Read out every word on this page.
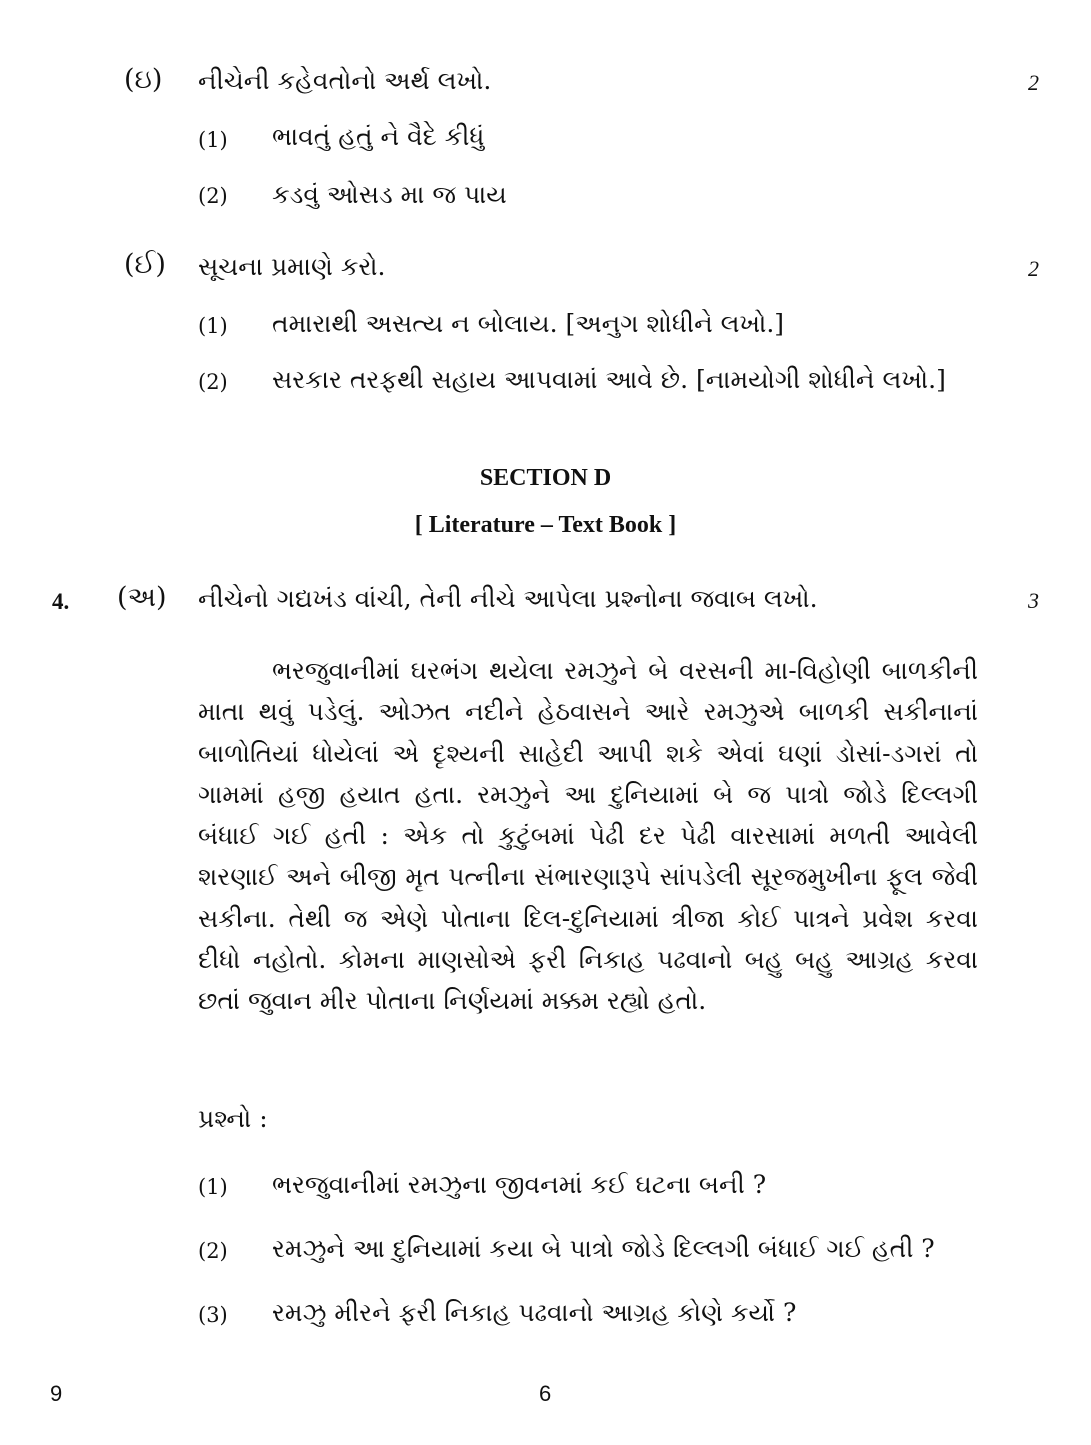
(ઇ) નીચેની કહેવતોનો અર્થ લખો.	2
(1) ભાવતું હતું ને વૈદે કીધું
(2) કડવું ઓસડ મા જ પાય
(ઈ) સૂચના પ્રમાણે કરો.	2
(1) તમારાથી અસત્ય ન બોલાય. [અનુગ શોધીને લખો.]
(2) સરકાર તરફથી સહાય આપવામાં આવે છે. [નામયોગી શોધીને લખો.]
SECTION D
[ Literature – Text Book ]
4. (અ) નીચેનો ગદ્યખંડ વાંચી, તેની નીચે આપેલા પ્રશ્નોના જવાબ લખો.	3

ભરજુવાનીમાં ઘરભંગ થયેલા રમઝુને બે વરસની મા-વિહોણી બાળકીની માતા થવું પડેલું. ઓઝત નદીને હેઠવાસને આરે રમઝુએ બાળકી સકીનાનાં બાળોતિયાં ધોયેલાં એ દૃશ્યની સાહેદી આપી શકે એવાં ઘણાં ડોસાં-ડગરાં તો ગામમાં હજી હયાત હતા. રમઝુને આ દુનિયામાં બે જ પાત્રો જોડે દિલ્લગી બંધાઈ ગઈ હતી : એક તો કુટુંબમાં પેઢી દર પેઢી વારસામાં મળતી આવેલી શરણાઈ અને બીજી મૃત પત્નીના સંભારણારૂપે સાંપડેલી સૂરજમુખીના ફૂલ જેવી સકીના. તેથી જ એણે પોતાના દિલ-દુનિયામાં ત્રીજા કોઈ પાત્રને પ્રવેશ કરવા દીધો નહોતો. કોમના માણસોએ ફરી નિકાહ પઢવાનો બહુ બહુ આગ્રહ કરવા છતાં જુવાન મીર પોતાના નિર્ણયમાં મક્કમ રહ્યો હતો.

પ્રશ્નો :
(1) ભરજુવાનીમાં રમઝુના જીવનમાં કઈ ઘટના બની ?
(2) રમઝુને આ દુનિયામાં કયા બે પાત્રો જોડે દિલ્લગી બંધાઈ ગઈ હતી ?
(3) રમઝુ મીરને ફરી નિકાહ પઢવાનો આગ્રહ કોણે કર્યો ?
9	6
